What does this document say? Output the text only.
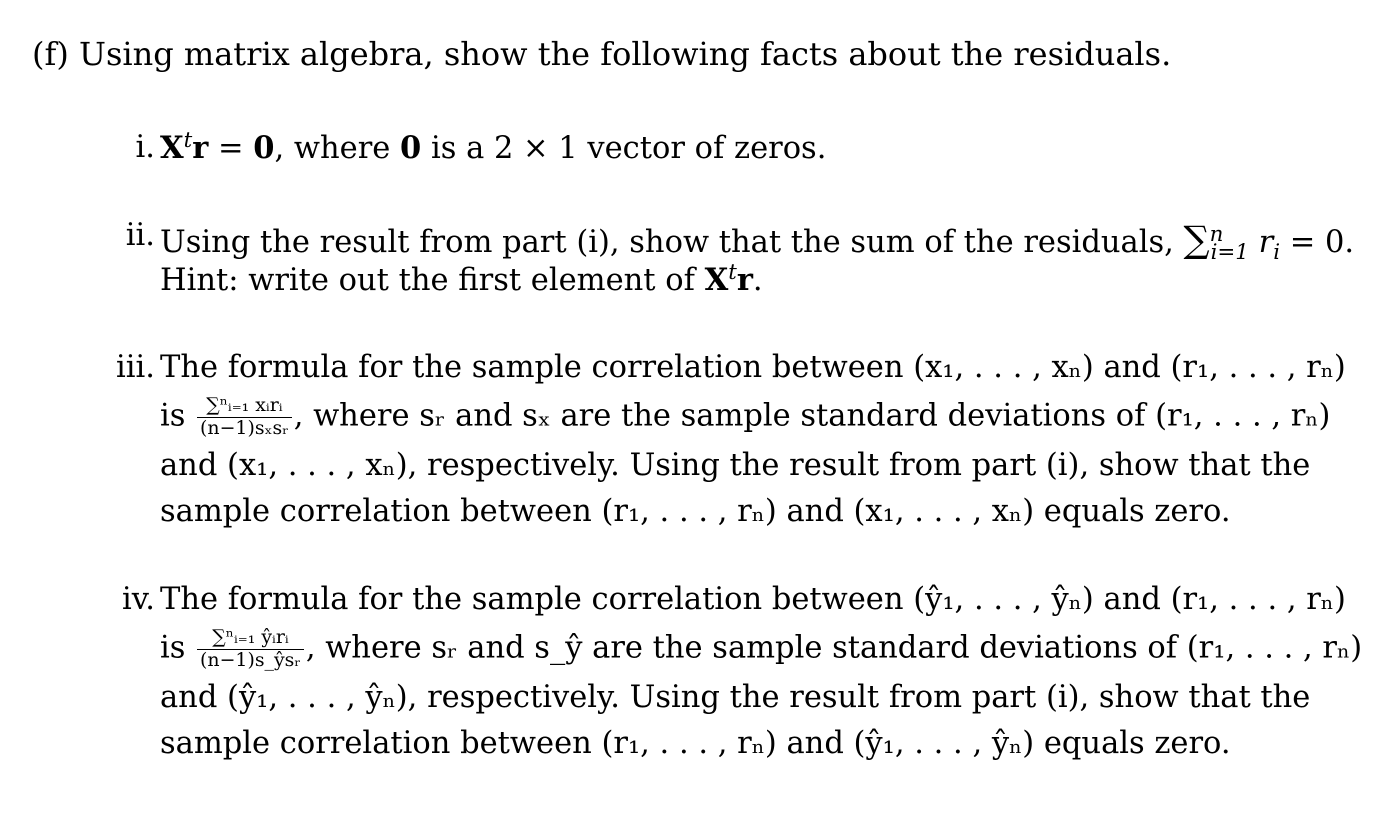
(f) Using matrix algebra, show the following facts about the residuals.
i. $X^tr = 0$, where 0 is a 2 × 1 vector of zeros.
ii. Using the result from part (i), show that the sum of the residuals, ∑$^n_{i=1}$ $r_i = 0$.
Hint: write out the first element of $X^tr$.
iii. The formula for the sample correlation between (x₁, . . . , xₙ) and (r₁, . . . , rₙ)
is $\frac{\text{∑ⁿᵢ₌₁ xᵢrᵢ}}{\text{(n−1)sₓsᵣ}}$ , where sᵣ and sₓ are the sample standard deviations of (r₁, . . . , rₙ)
and (x₁, . . . , xₙ), respectively. Using the result from part (i), show that the
sample correlation between (r₁, . . . , rₙ) and (x₁, . . . , xₙ) equals zero.
iv. The formula for the sample correlation between (ŷ₁, . . . , ŷₙ) and (r₁, . . . , rₙ)
is $\frac{\text{∑ⁿᵢ₌₁ ŷᵢrᵢ}}{\text{(n−1)s\_ŷsᵣ}}$ , where sᵣ and s_ŷ are the sample standard deviations of (r₁, . . . , rₙ)
and (ŷ₁, . . . , ŷₙ), respectively. Using the result from part (i), show that the
sample correlation between (r₁, . . . , rₙ) and (ŷ₁, . . . , ŷₙ) equals zero.
